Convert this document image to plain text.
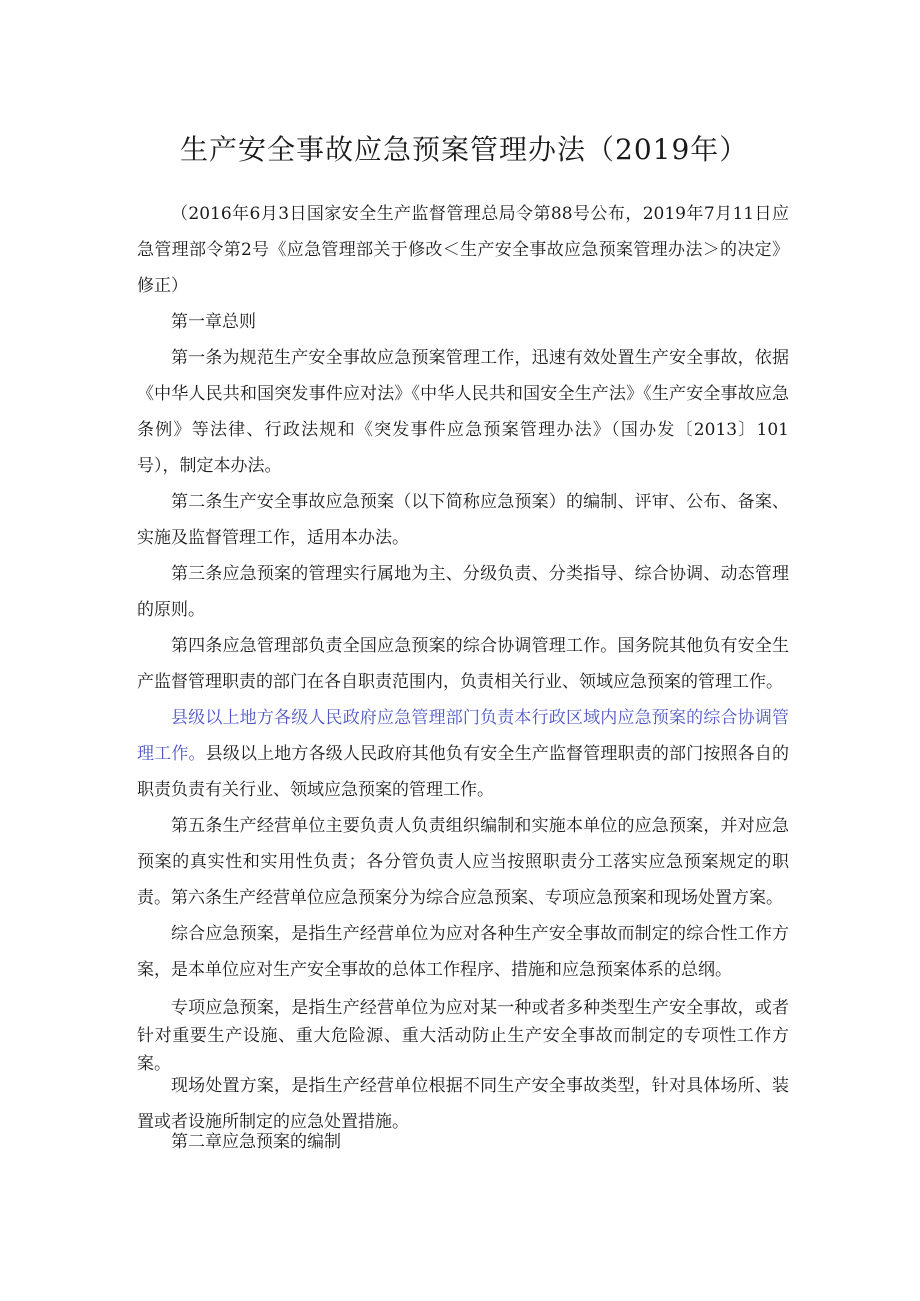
生产安全事故应急预案管理办法（2019年）

（2016年6月3日国家安全生产监督管理总局令第88号公布，2019年7月11日应急管理部令第2号《应急管理部关于修改＜生产安全事故应急预案管理办法＞的决定》修正）

第一章总则

第一条为规范生产安全事故应急预案管理工作，迅速有效处置生产安全事故，依据《中华人民共和国突发事件应对法》《中华人民共和国安全生产法》《生产安全事故应急条例》等法律、行政法规和《突发事件应急预案管理办法》（国办发〔2013〕101号），制定本办法。

第二条生产安全事故应急预案（以下简称应急预案）的编制、评审、公布、备案、实施及监督管理工作，适用本办法。

第三条应急预案的管理实行属地为主、分级负责、分类指导、综合协调、动态管理的原则。

第四条应急管理部负责全国应急预案的综合协调管理工作。国务院其他负有安全生产监督管理职责的部门在各自职责范围内，负责相关行业、领域应急预案的管理工作。

县级以上地方各级人民政府应急管理部门负责本行政区域内应急预案的综合协调管理工作。县级以上地方各级人民政府其他负有安全生产监督管理职责的部门按照各自的职责负责有关行业、领域应急预案的管理工作。

第五条生产经营单位主要负责人负责组织编制和实施本单位的应急预案，并对应急预案的真实性和实用性负责；各分管负责人应当按照职责分工落实应急预案规定的职责。 第六条生产经营单位应急预案分为综合应急预案、专项应急预案和现场处置方案。

综合应急预案，是指生产经营单位为应对各种生产安全事故而制定的综合性工作方案，是本单位应对生产安全事故的总体工作程序、措施和应急预案体系的总纲。

专项应急预案，是指生产经营单位为应对某一种或者多种类型生产安全事故，或者针对重要生产设施、重大危险源、重大活动防止生产安全事故而制定的专项性工作方案。

现场处置方案，是指生产经营单位根据不同生产安全事故类型，针对具体场所、装置或者设施所制定的应急处置措施。

第二章应急预案的编制
